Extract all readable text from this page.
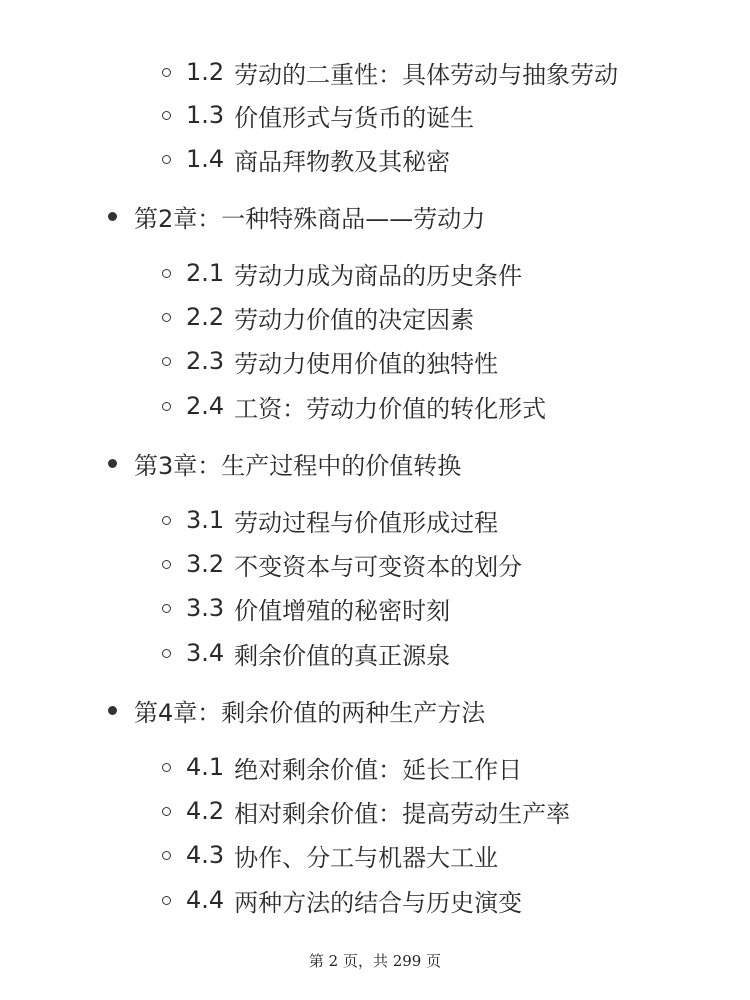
1.2 劳动的二重性：具体劳动与抽象劳动
1.3 价值形式与货币的诞生
1.4 商品拜物教及其秘密
第2章：一种特殊商品——劳动力
2.1 劳动力成为商品的历史条件
2.2 劳动力价值的决定因素
2.3 劳动力使用价值的独特性
2.4 工资：劳动力价值的转化形式
第3章：生产过程中的价值转换
3.1 劳动过程与价值形成过程
3.2 不变资本与可变资本的划分
3.3 价值增殖的秘密时刻
3.4 剩余价值的真正源泉
第4章：剩余价值的两种生产方法
4.1 绝对剩余价值：延长工作日
4.2 相对剩余价值：提高劳动生产率
4.3 协作、分工与机器大工业
4.4 两种方法的结合与历史演变
第 2 页，共 299 页
